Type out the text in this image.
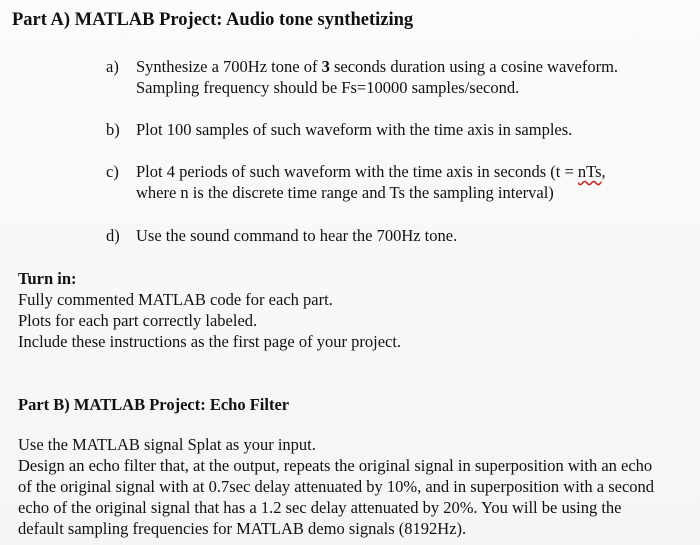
Part A) MATLAB Project: Audio tone synthetizing
a)	Synthesize a 700Hz tone of 3 seconds duration using a cosine waveform.
Sampling frequency should be Fs=10000 samples/second.
b) Plot 100 samples of such waveform with the time axis in samples.
c)	Plot 4 periods of such waveform with the time axis in seconds (t = nTs,
where n is the discrete time range and Ts the sampling interval)
d) Use the sound command to hear the 700Hz tone.
Turn in:
Fully commented MATLAB code for each part.
Plots for each part correctly labeled.
Include these instructions as the first page of your project.
Part B) MATLAB Project: Echo Filter
Use the MATLAB signal Splat as your input.
Design an echo filter that, at the output, repeats the original signal in superposition with an echo
of the original signal with at 0.7sec delay attenuated by 10%, and in superposition with a second
echo of the original signal that has a 1.2 sec delay attenuated by 20%. You will be using the
default sampling frequencies for MATLAB demo signals (8192Hz).
